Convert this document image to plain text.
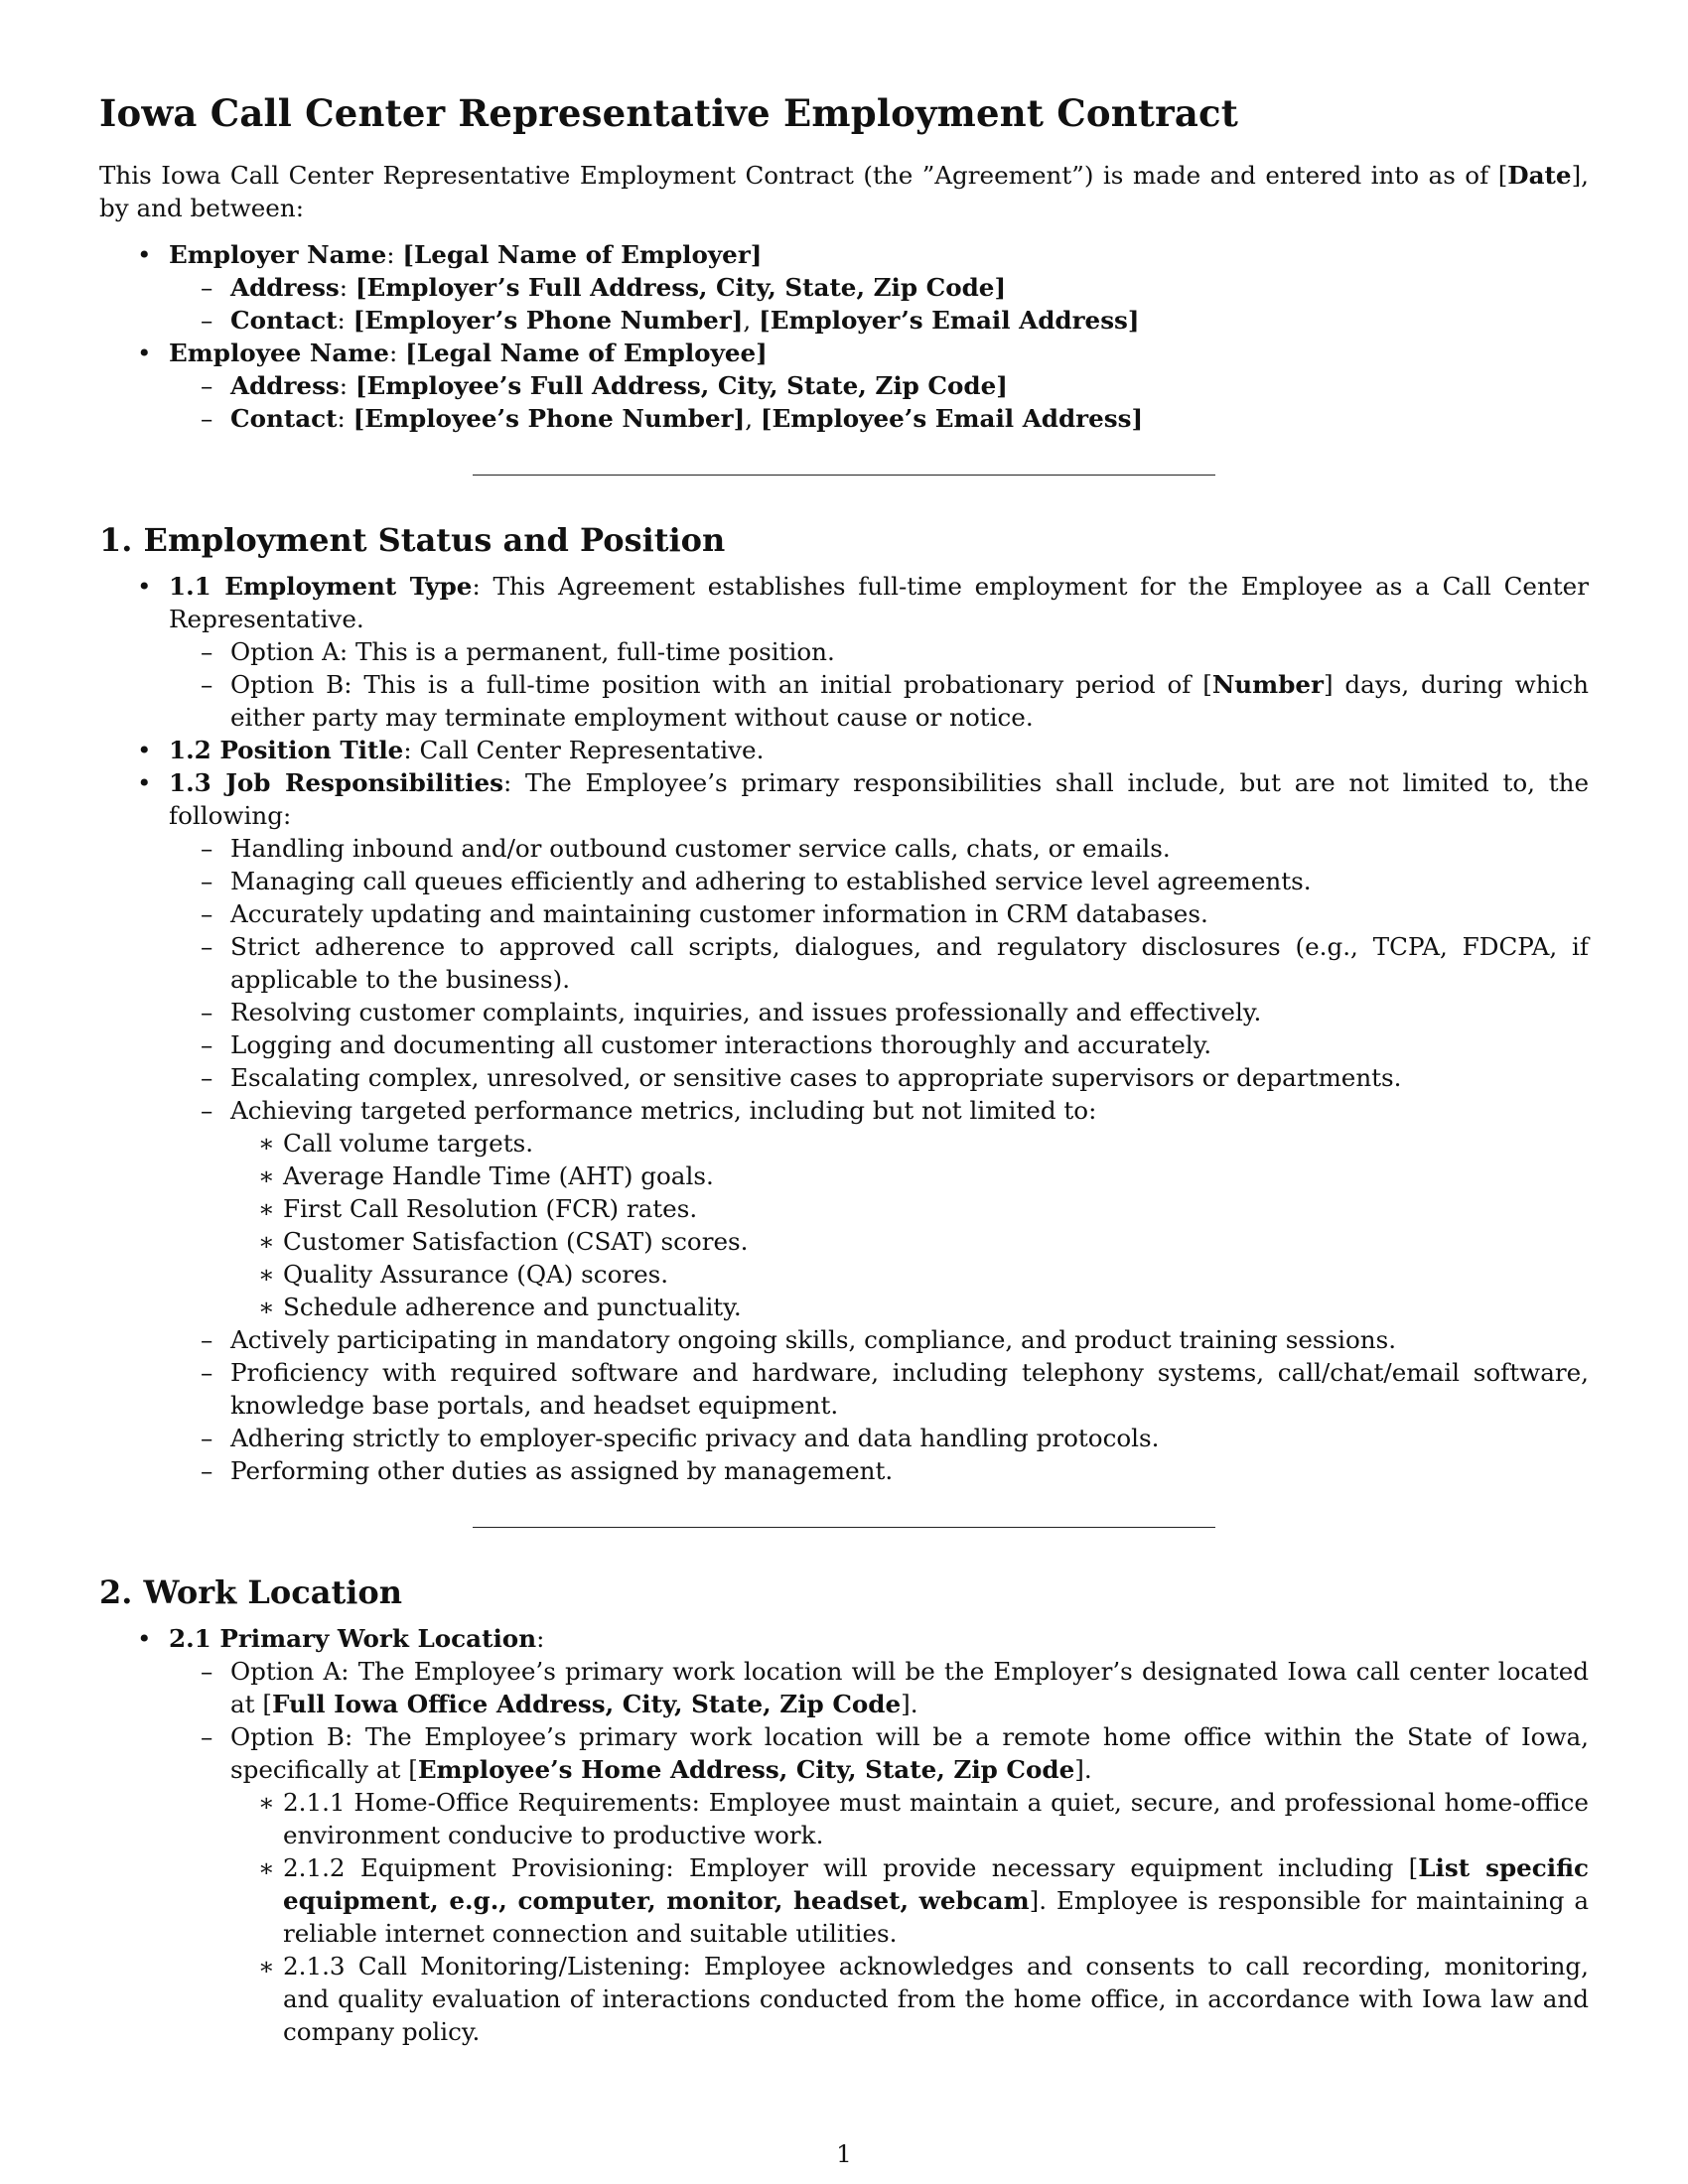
Iowa Call Center Representative Employment Contract

This Iowa Call Center Representative Employment Contract (the ”Agreement”) is made and entered into as of [Date], by and between:

• Employer Name: [Legal Name of Employer]
– Address: [Employer’s Full Address, City, State, Zip Code]
– Contact: [Employer’s Phone Number], [Employer’s Email Address]
• Employee Name: [Legal Name of Employee]
– Address: [Employee’s Full Address, City, State, Zip Code]
– Contact: [Employee’s Phone Number], [Employee’s Email Address]
1. Employment Status and Position
• 1.1 Employment Type: This Agreement establishes full-time employment for the Employee as a Call Center Representative.
– Option A: This is a permanent, full-time position.
– Option B: This is a full-time position with an initial probationary period of [Number] days, during which either party may terminate employment without cause or notice.
• 1.2 Position Title: Call Center Representative.
• 1.3 Job Responsibilities: The Employee’s primary responsibilities shall include, but are not limited to, the following:
– Handling inbound and/or outbound customer service calls, chats, or emails.
– Managing call queues efficiently and adhering to established service level agreements.
– Accurately updating and maintaining customer information in CRM databases.
– Strict adherence to approved call scripts, dialogues, and regulatory disclosures (e.g., TCPA, FDCPA, if applicable to the business).
– Resolving customer complaints, inquiries, and issues professionally and effectively.
– Logging and documenting all customer interactions thoroughly and accurately.
– Escalating complex, unresolved, or sensitive cases to appropriate supervisors or departments.
– Achieving targeted performance metrics, including but not limited to:
∗ Call volume targets.
∗ Average Handle Time (AHT) goals.
∗ First Call Resolution (FCR) rates.
∗ Customer Satisfaction (CSAT) scores.
∗ Quality Assurance (QA) scores.
∗ Schedule adherence and punctuality.
– Actively participating in mandatory ongoing skills, compliance, and product training sessions.
– Proficiency with required software and hardware, including telephony systems, call/chat/email software, knowledge base portals, and headset equipment.
– Adhering strictly to employer-specific privacy and data handling protocols.
– Performing other duties as assigned by management.
2. Work Location
• 2.1 Primary Work Location:
– Option A: The Employee’s primary work location will be the Employer’s designated Iowa call center located at [Full Iowa Office Address, City, State, Zip Code].
– Option B: The Employee’s primary work location will be a remote home office within the State of Iowa, specifically at [Employee’s Home Address, City, State, Zip Code].
∗ 2.1.1 Home-Office Requirements: Employee must maintain a quiet, secure, and professional home-office environment conducive to productive work.
∗ 2.1.2 Equipment Provisioning: Employer will provide necessary equipment including [List specific equipment, e.g., computer, monitor, headset, webcam]. Employee is responsible for maintaining a reliable internet connection and suitable utilities.
∗ 2.1.3 Call Monitoring/Listening: Employee acknowledges and consents to call recording, monitoring, and quality evaluation of interactions conducted from the home office, in accordance with Iowa law and company policy.
1
